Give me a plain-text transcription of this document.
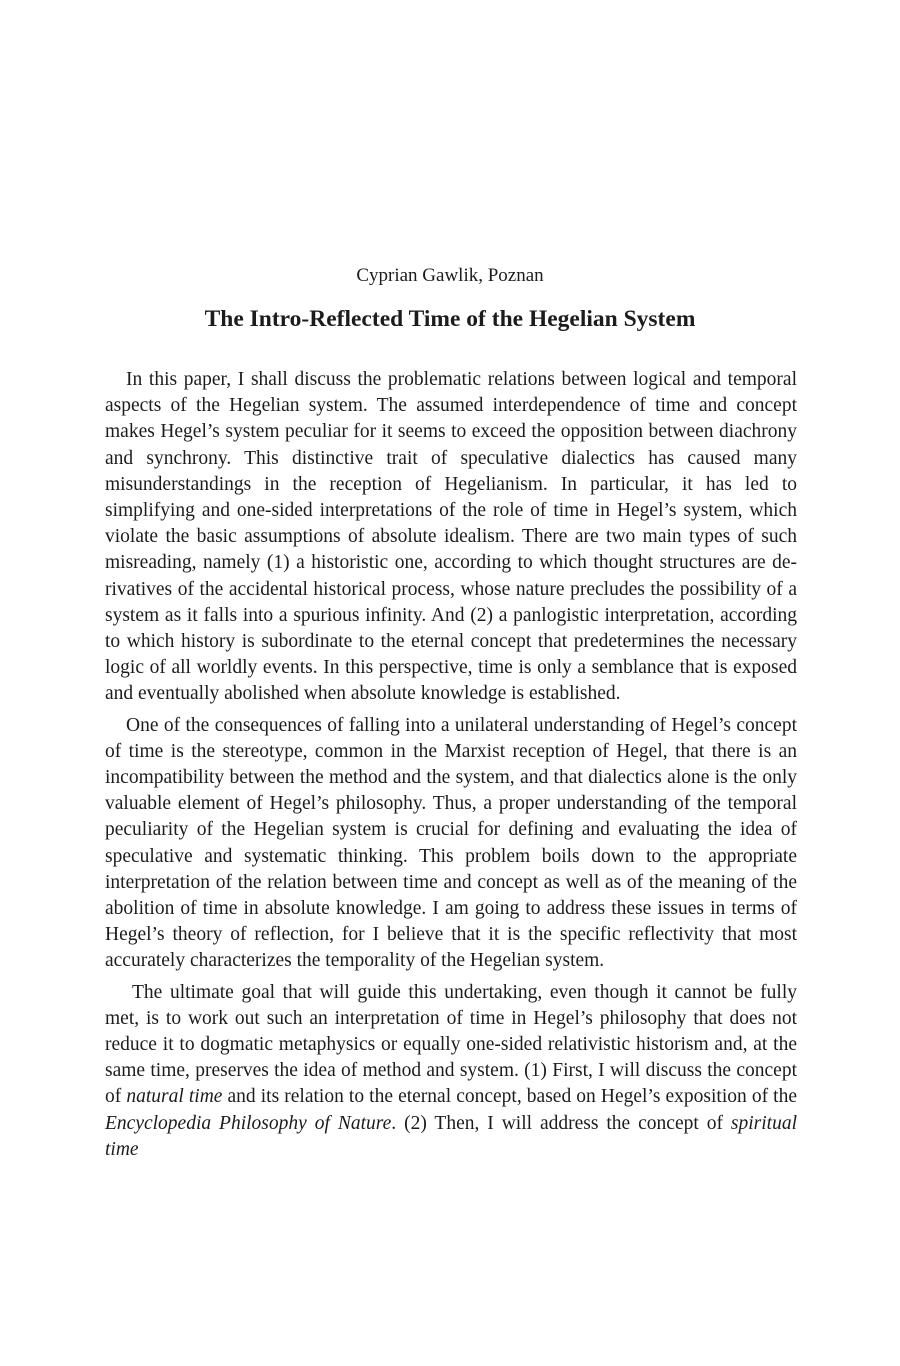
Cyprian Gawlik, Poznan
The Intro-Reflected Time of the Hegelian System

In this paper, I shall discuss the problematic relations between logical and temporal aspects of the Hegelian system. The assumed interdependence of time and concept makes Hegel’s system peculiar for it seems to exceed the opposition between diachrony and synchrony. This distinctive trait of speculative dialectics has caused many misunderstandings in the reception of Hegelianism. In particular, it has led to simplifying and one-sided interpretations of the role of time in Hegel’s system, which violate the basic assumptions of absolute idealism. There are two main types of such misreading, namely (1) a historistic one, according to which thought structures are derivatives of the accidental historical process, whose nature precludes the possibility of a system as it falls into a spurious infinity. And (2) a panlogistic interpretation, according to which history is subordinate to the eternal concept that predetermines the necessary logic of all worldly events. In this perspective, time is only a semblance that is exposed and eventually abolished when absolute knowledge is established.

One of the consequences of falling into a unilateral understanding of Hegel’s concept of time is the stereotype, common in the Marxist reception of Hegel, that there is an incompatibility between the method and the system, and that dialectics alone is the only valuable element of Hegel’s philosophy. Thus, a proper understanding of the temporal peculiarity of the Hegelian system is crucial for defining and evaluating the idea of speculative and systematic thinking. This problem boils down to the appropriate interpretation of the relation between time and concept as well as of the meaning of the abolition of time in absolute knowledge. I am going to address these issues in terms of Hegel’s theory of reflection, for I believe that it is the specific reflectivity that most accurately characterizes the temporality of the Hegelian system.

The ultimate goal that will guide this undertaking, even though it cannot be fully met, is to work out such an interpretation of time in Hegel’s philosophy that does not reduce it to dogmatic metaphysics or equally one-sided relativistic historism and, at the same time, preserves the idea of method and system. (1) First, I will discuss the concept of natural time and its relation to the eternal concept, based on Hegel’s exposition of the Encyclopedia Philosophy of Nature. (2) Then, I will address the concept of spiritual time
